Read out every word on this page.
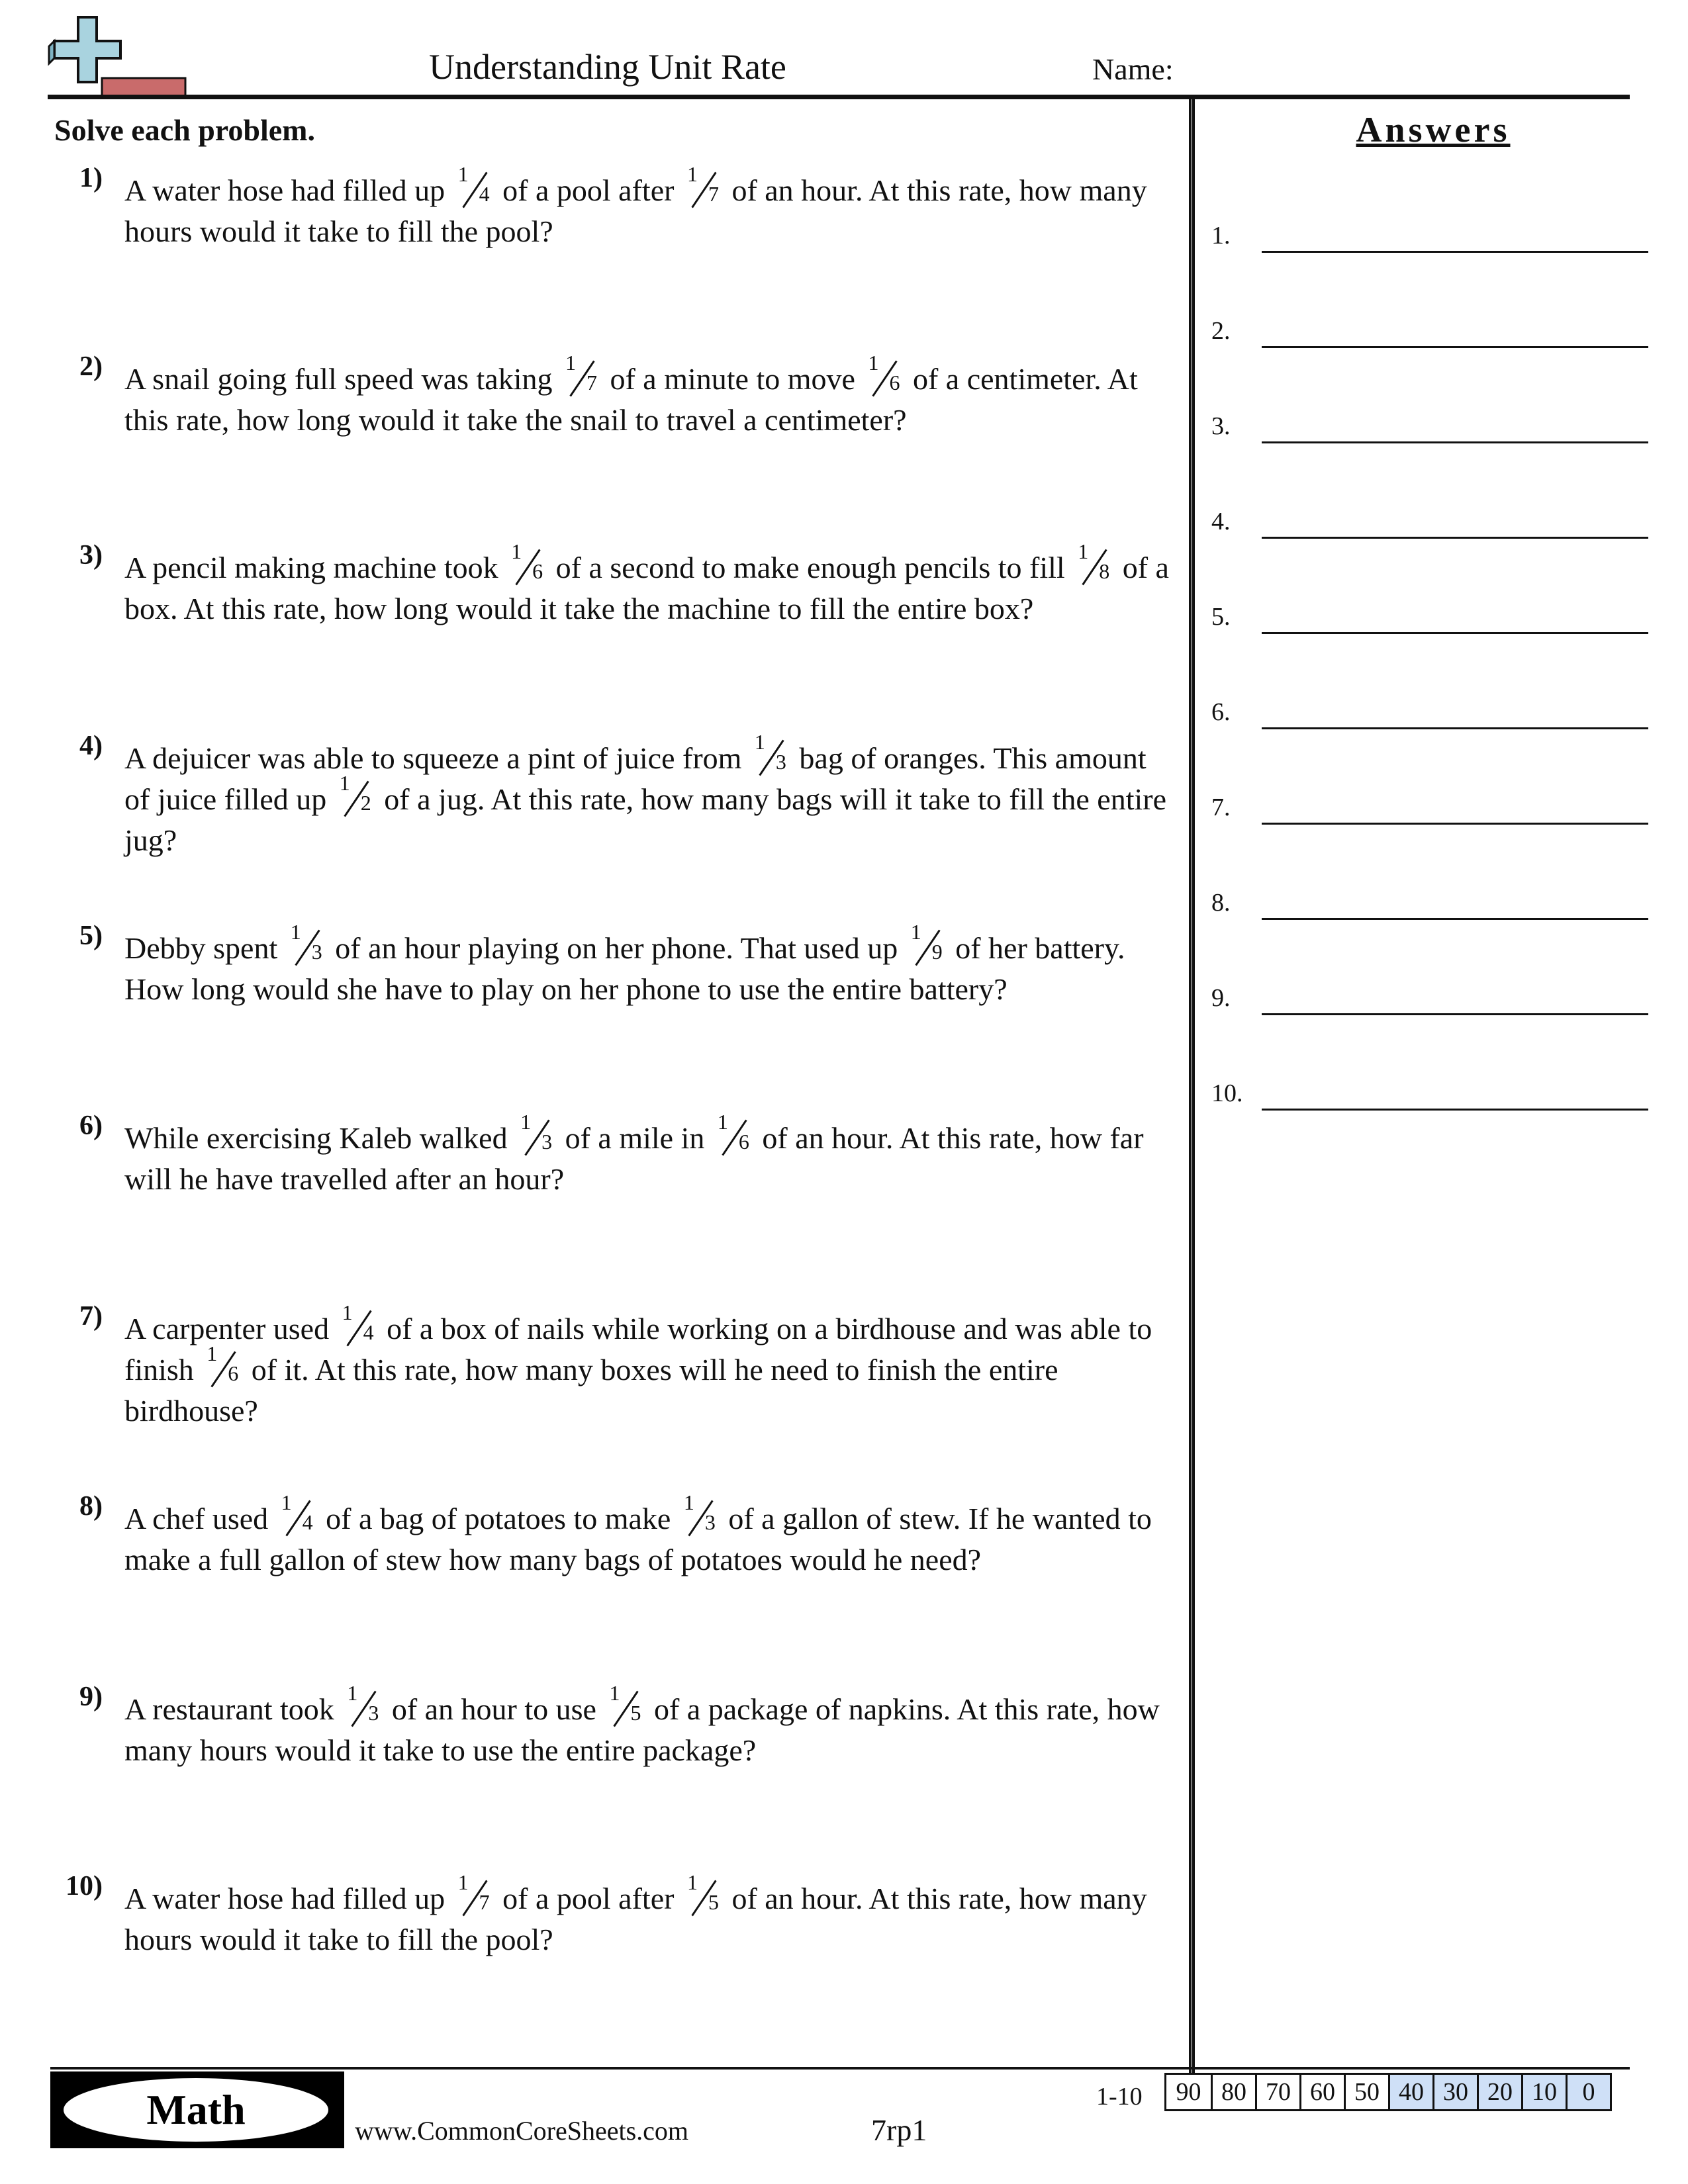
Understanding Unit Rate	Name:
Solve each problem.
1) A water hose had filled up 1
4 of a pool after 1
7 of an hour. At this rate, how many hours would it take to fill the pool?
2) A snail going full speed was taking 1
7 of a minute to move 1
6 of a centimeter. At this rate, how long would it take the snail to travel a centimeter?
3) A pencil making machine took 1
6 of a second to make enough pencils to fill 1
8 of a box. At this rate, how long would it take the machine to fill the entire box?
4) A dejuicer was able to squeeze a pint of juice from 1
3 bag of oranges. This amount of juice filled up 1
2 of a jug. At this rate, how many bags will it take to fill the entire jug?
5) Debby spent 1
3 of an hour playing on her phone. That used up 1
9 of her battery. How long would she have to play on her phone to use the entire battery?
6) While exercising Kaleb walked 1
3 of a mile in 1
6 of an hour. At this rate, how far will he have travelled after an hour?
7) A carpenter used 1
4 of a box of nails while working on a birdhouse and was able to finish 1
6 of it. At this rate, how many boxes will he need to finish the entire birdhouse?
8) A chef used 1
4 of a bag of potatoes to make 1
3 of a gallon of stew. If he wanted to make a full gallon of stew how many bags of potatoes would he need?
9) A restaurant took 1
3 of an hour to use 1
5 of a package of napkins. At this rate, how many hours would it take to use the entire package?
10) A water hose had filled up 1
7 of a pool after 1
5 of an hour. At this rate, how many hours would it take to fill the pool?
Answers
1.
2.
3.
4.
5.
6.
7.
8.
9.
10.
Math	www.CommonCoreSheets.com	7rp1
1-10	90 80 70 60 50 40 30 20 10	0
